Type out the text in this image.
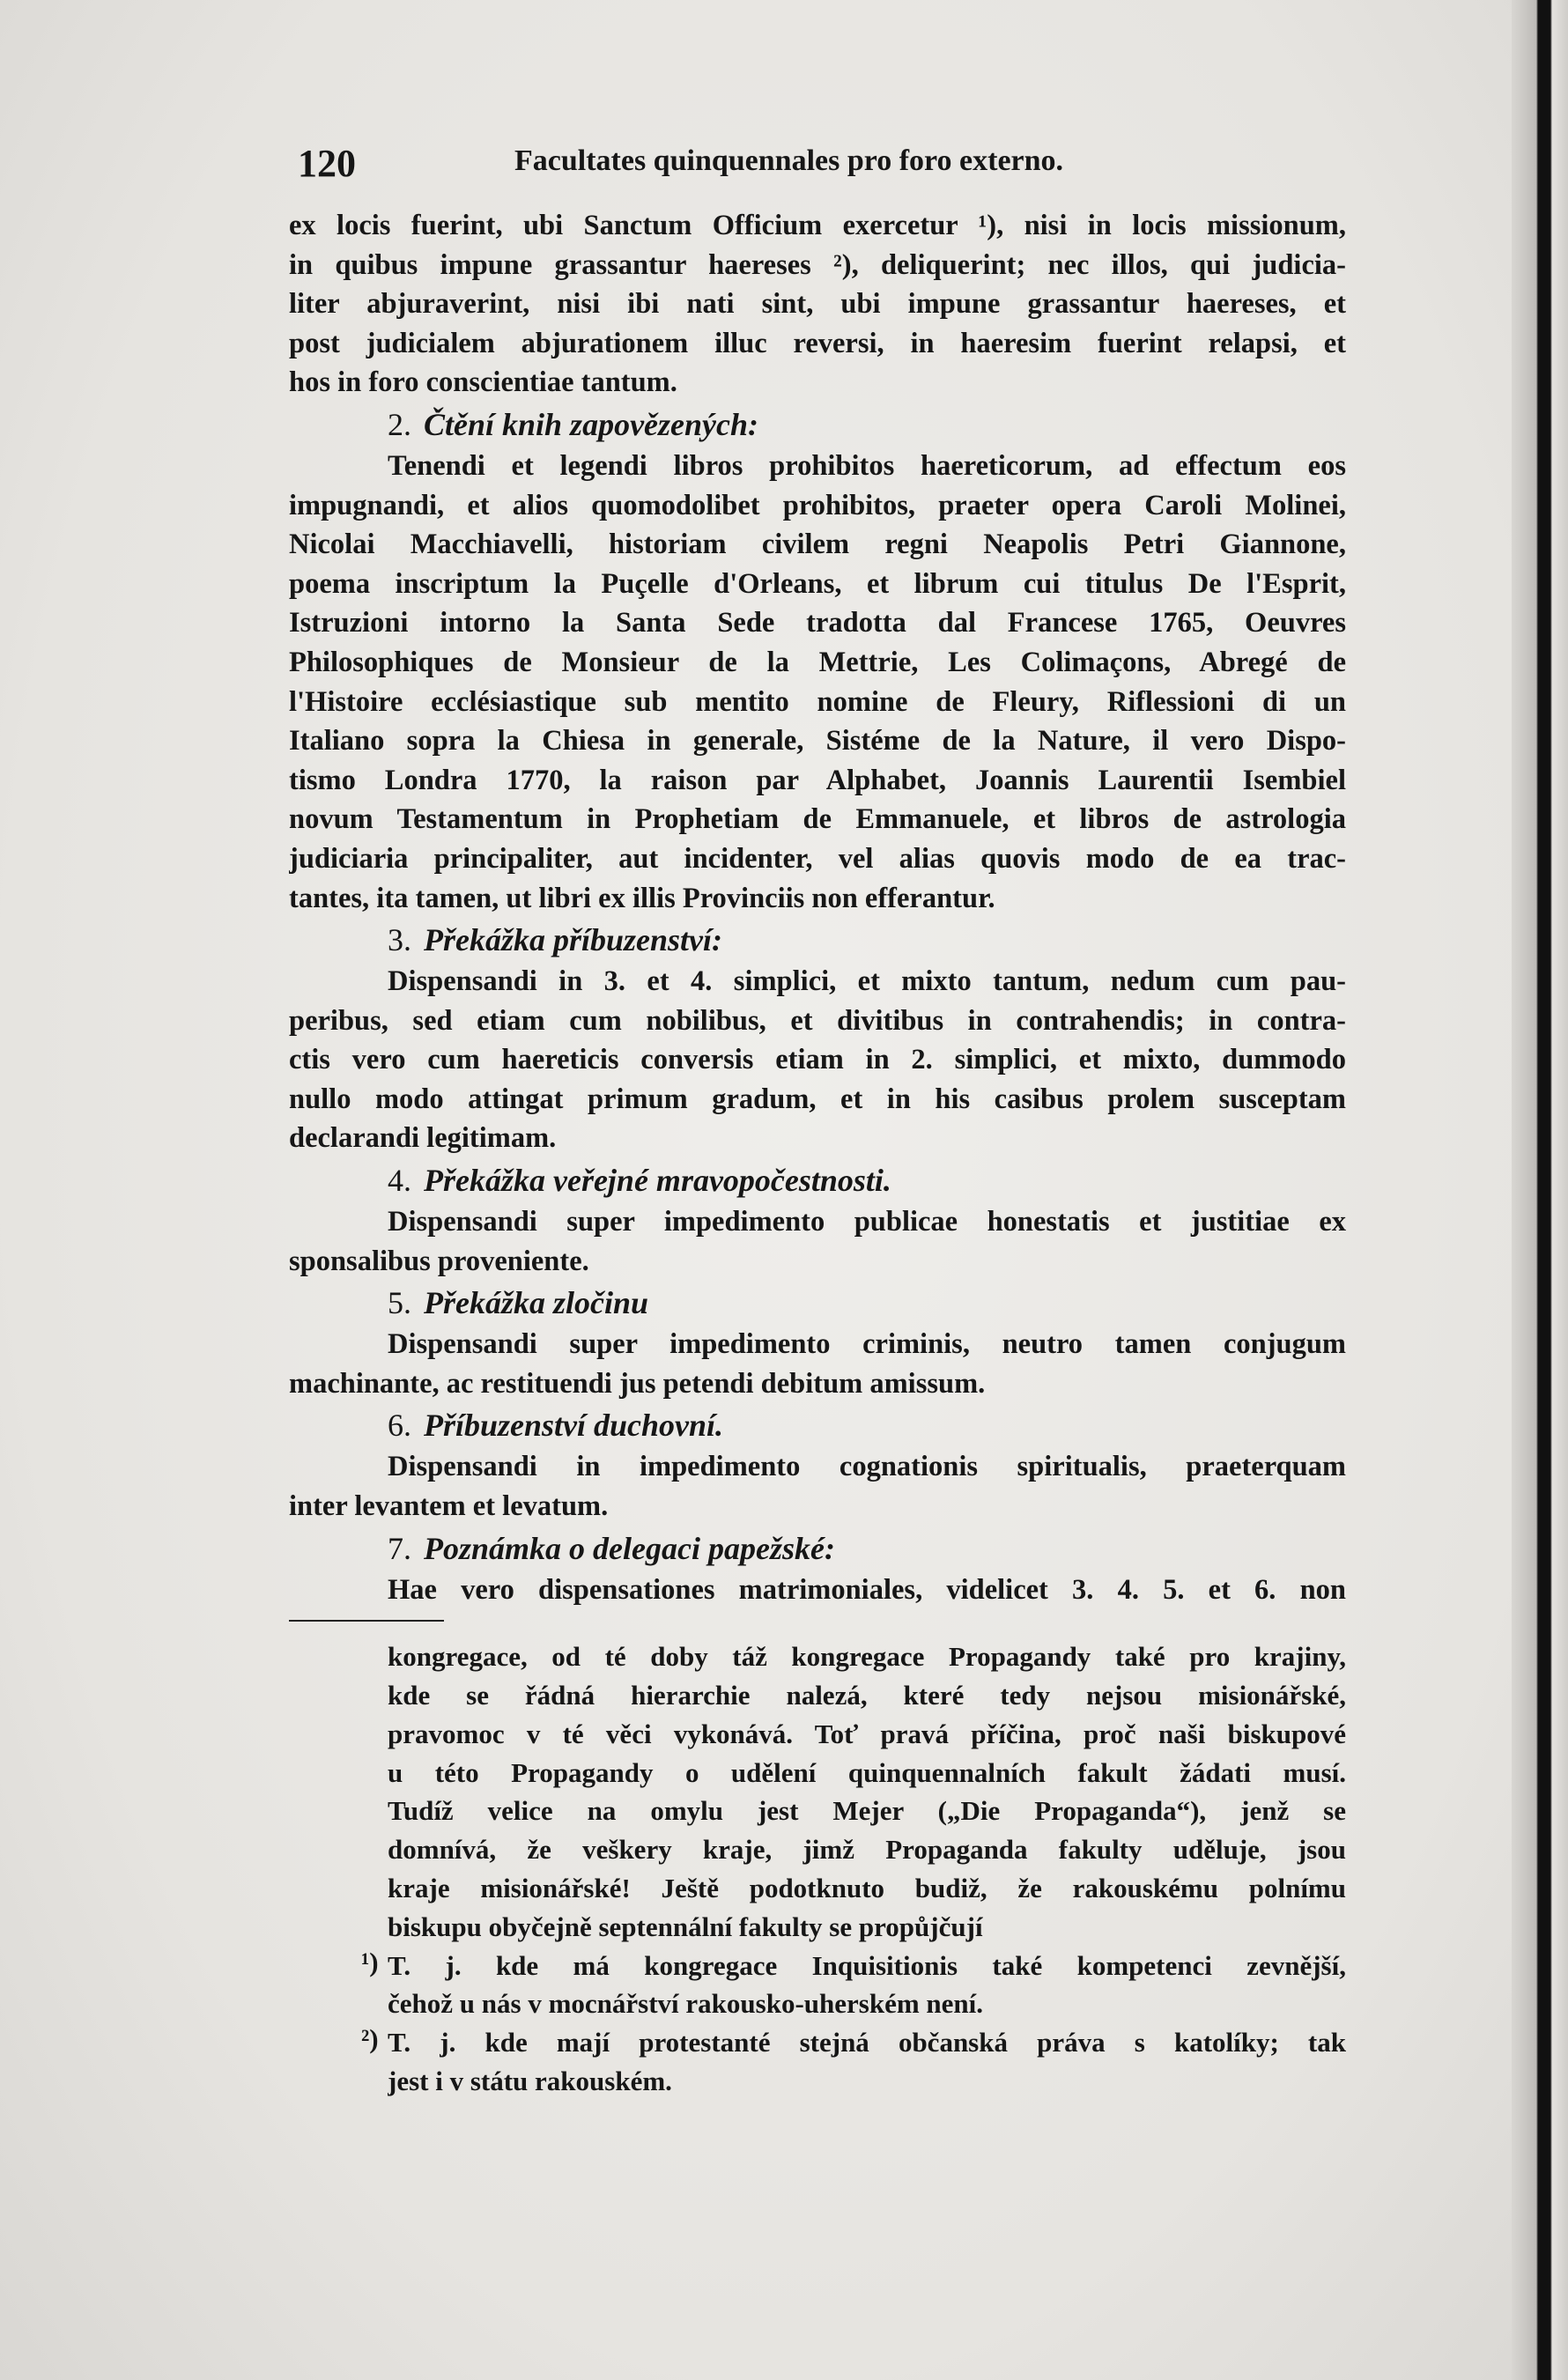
120	Facultates quinquennales pro foro externo.
ex locis fuerint, ubi Sanctum Officium exercetur ¹), nisi in locis missionum,
in quibus impune grassantur haereses ²), deliquerint; nec illos, qui judicia-
liter abjuraverint, nisi ibi nati sint, ubi impune grassantur haereses, et
post judicialem abjurationem illuc reversi, in haeresim fuerint relapsi, et
hos in foro conscientiae tantum.
2. Čtění knih zapovězených:
Tenendi et legendi libros prohibitos haereticorum, ad effectum eos
impugnandi, et alios quomodolibet prohibitos, praeter opera Caroli Molinei,
Nicolai Macchiavelli, historiam civilem regni Neapolis Petri Giannone,
poema inscriptum la Puçelle d'Orleans, et librum cui titulus De l'Esprit,
Istruzioni intorno la Santa Sede tradotta dal Francese 1765, Oeuvres
Philosophiques de Monsieur de la Mettrie, Les Colimaçons, Abregé de
l'Histoire ecclésiastique sub mentito nomine de Fleury, Riflessioni di un
Italiano sopra la Chiesa in generale, Sistéme de la Nature, il vero Dispo-
tismo Londra 1770, la raison par Alphabet, Joannis Laurentii Isembiel
novum Testamentum in Prophetiam de Emmanuele, et libros de astrologia
judiciaria principaliter, aut incidenter, vel alias quovis modo de ea trac-
tantes, ita tamen, ut libri ex illis Provinciis non efferantur.
3. Překážka příbuzenství:
Dispensandi in 3. et 4. simplici, et mixto tantum, nedum cum pau-
peribus, sed etiam cum nobilibus, et divitibus in contrahendis; in contra-
ctis vero cum haereticis conversis etiam in 2. simplici, et mixto, dummodo
nullo modo attingat primum gradum, et in his casibus prolem susceptam
declarandi legitimam.
4. Překážka veřejné mravopočestnosti.
Dispensandi super impedimento publicae honestatis et justitiae ex
sponsalibus proveniente.
5. Překážka zločinu
Dispensandi super impedimento criminis, neutro tamen conjugum
machinante, ac restituendi jus petendi debitum amissum.
6. Příbuzenství duchovní.
Dispensandi in impedimento cognationis spiritualis, praeterquam
inter levantem et levatum.
7. Poznámka o delegaci papežské:
Hae vero dispensationes matrimoniales, videlicet 3. 4. 5. et 6. non
kongregace, od té doby táž kongregace Propagandy také pro krajiny,
kde se řádná hierarchie nalezá, které tedy nejsou misionářské,
pravomoc v té věci vykonává. Toť pravá příčina, proč naši biskupové
u této Propagandy o udělení quinquennalních fakult žádati musí.
Tudíž velice na omylu jest Mejer („Die Propaganda“), jenž se
domnívá, že veškery kraje, jimž Propaganda fakulty uděluje, jsou
kraje misionářské! Ještě podotknuto budiž, že rakouskému polnímu
biskupu obyčejně septennální fakulty se propůjčují
¹) T. j. kde má kongregace Inquisitionis také kompetenci zevnější,
čehož u nás v mocnářství rakousko-uherském není.
²) T. j. kde mají protestanté stejná občanská práva s katolíky; tak
jest i v státu rakouském.
